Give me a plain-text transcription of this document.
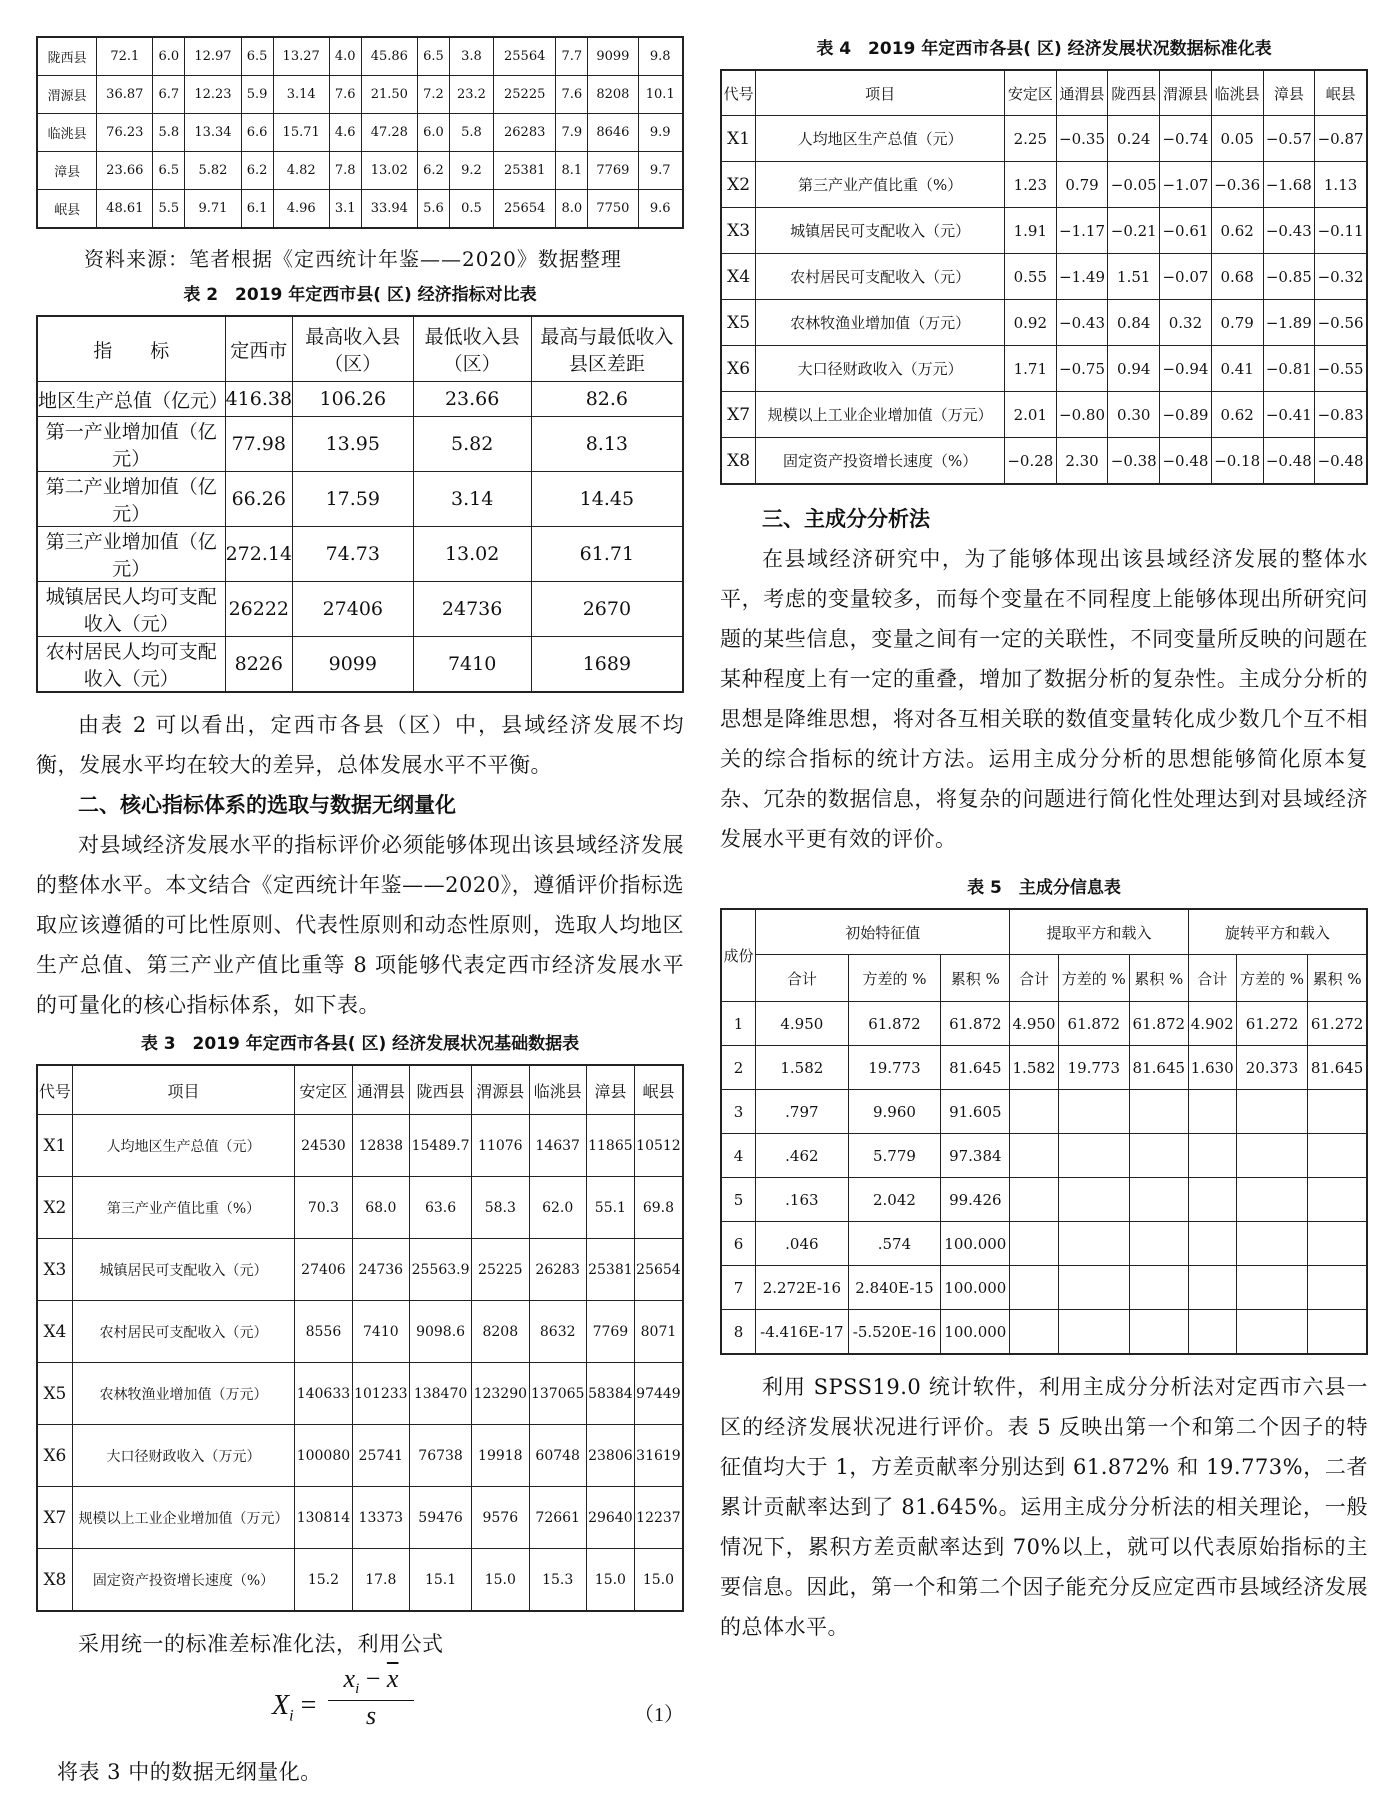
陇西县	72.1	6.0	12.97	6.5	13.27	4.0	45.86	6.5	3.8	25564	7.7	9099	9.8
渭源县	36.87	6.7	12.23	5.9	3.14	7.6	21.50	7.2	23.2	25225	7.6	8208	10.1
临洮县	76.23	5.8	13.34	6.6	15.71	4.6	47.28	6.0	5.8	26283	7.9	8646	9.9
漳县	23.66	6.5	5.82	6.2	4.82	7.8	13.02	6.2	9.2	25381	8.1	7769	9.7
岷县	48.61	5.5	9.71	6.1	4.96	3.1	33.94	5.6	0.5	25654	8.0	7750	9.6
资料来源：笔者根据《定西统计年鉴——2020》数据整理
表 2　2019 年定西市县( 区) 经济指标对比表
指　　标	定西市	最高收入县（区）	最低收入县（区）	最高与最低收入县区差距
地区生产总值（亿元）	416.38	106.26	23.66	82.6
第一产业增加值（亿元）	77.98	13.95	5.82	8.13
第二产业增加值（亿元）	66.26	17.59	3.14	14.45
第三产业增加值（亿元）	272.14	74.73	13.02	61.71
城镇居民人均可支配收入（元）	26222	27406	24736	2670
农村居民人均可支配收入（元）	8226	9099	7410	1689

由表 2 可以看出，定西市各县（区）中，县域经济发展不均衡，发展水平均在较大的差异，总体发展水平不平衡。

二、核心指标体系的选取与数据无纲量化

对县域经济发展水平的指标评价必须能够体现出该县域经济发展的整体水平。本文结合《定西统计年鉴——2020》，遵循评价指标选取应该遵循的可比性原则、代表性原则和动态性原则，选取人均地区生产总值、第三产业产值比重等 8 项能够代表定西市经济发展水平的可量化的核心指标体系，如下表。

表 3　2019 年定西市各县( 区) 经济发展状况基础数据表
代号	项目	安定区	通渭县	陇西县	渭源县	临洮县	漳县	岷县
X1	人均地区生产总值（元）	24530	12838	15489.7	11076	14637	11865	10512
X2	第三产业产值比重（%）	70.3	68.0	63.6	58.3	62.0	55.1	69.8
X3	城镇居民可支配收入（元）	27406	24736	25563.9	25225	26283	25381	25654
X4	农村居民可支配收入（元）	8556	7410	9098.6	8208	8632	7769	8071
X5	农林牧渔业增加值（万元）	140633	101233	138470	123290	137065	58384	97449
X6	大口径财政收入（万元）	100080	25741	76738	19918	60748	23806	31619
X7	规模以上工业企业增加值（万元）	130814	13373	59476	9576	72661	29640	12237
X8	固定资产投资增长速度（%）	15.2	17.8	15.1	15.0	15.3	15.0	15.0

采用统一的标准差标准化法，利用公式

$X_i = \frac{x_i - \overline{x}}{s}$	（1）

将表 3 中的数据无纲量化。

表 4　2019 年定西市各县( 区) 经济发展状况数据标准化表
代号	项目	安定区	通渭县	陇西县	渭源县	临洮县	漳县	岷县
X1	人均地区生产总值（元）	2.25	−0.35	0.24	−0.74	0.05	−0.57	−0.87
X2	第三产业产值比重（%）	1.23	0.79	−0.05	−1.07	−0.36	−1.68	1.13
X3	城镇居民可支配收入（元）	1.91	−1.17	−0.21	−0.61	0.62	−0.43	−0.11
X4	农村居民可支配收入（元）	0.55	−1.49	1.51	−0.07	0.68	−0.85	−0.32
X5	农林牧渔业增加值（万元）	0.92	−0.43	0.84	0.32	0.79	−1.89	−0.56
X6	大口径财政收入（万元）	1.71	−0.75	0.94	−0.94	0.41	−0.81	−0.55
X7	规模以上工业企业增加值（万元）	2.01	−0.80	0.30	−0.89	0.62	−0.41	−0.83
X8	固定资产投资增长速度（%）	−0.28	2.30	−0.38	−0.48	−0.18	−0.48	−0.48
三、主成分分析法

在县域经济研究中，为了能够体现出该县域经济发展的整体水平，考虑的变量较多，而每个变量在不同程度上能够体现出所研究问题的某些信息，变量之间有一定的关联性，不同变量所反映的问题在某种程度上有一定的重叠，增加了数据分析的复杂性。主成分分析的思想是降维思想，将对各互相关联的数值变量转化成少数几个互不相关的综合指标的统计方法。运用主成分分析的思想能够简化原本复杂、冗杂的数据信息，将复杂的问题进行简化性处理达到对县域经济发展水平更有效的评价。

表 5　主成分信息表
成份	初始特征值			提取平方和载入			旋转平方和载入		
	合计	方差的 %	累积 %	合计	方差的 %	累积 %	合计	方差的 %	累积 %
1	4.950	61.872	61.872	4.950	61.872	61.872	4.902	61.272	61.272
2	1.582	19.773	81.645	1.582	19.773	81.645	1.630	20.373	81.645
3	.797	9.960	91.605						
4	.462	5.779	97.384						
5	.163	2.042	99.426						
6	.046	.574	100.000						
7	2.272E-16	2.840E-15	100.000						
8	-4.416E-17	-5.520E-16	100.000						

利用 SPSS19.0 统计软件，利用主成分分析法对定西市六县一区的经济发展状况进行评价。表 5 反映出第一个和第二个因子的特征值均大于 1，方差贡献率分别达到 61.872% 和 19.773%，二者累计贡献率达到了 81.645%。运用主成分分析法的相关理论，一般情况下，累积方差贡献率达到 70%以上，就可以代表原始指标的主要信息。因此，第一个和第二个因子能充分反应定西市县域经济发展的总体水平。
